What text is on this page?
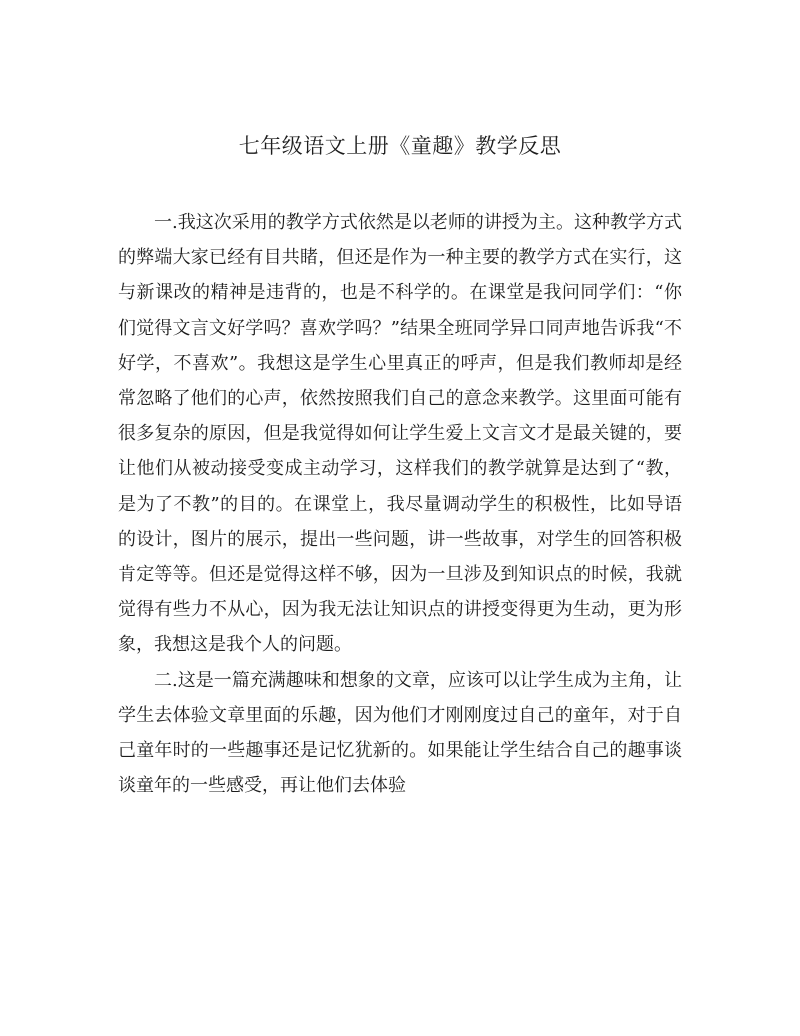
七年级语文上册《童趣》教学反思

一.我这次采用的教学方式依然是以老师的讲授为主。这种教学方式的弊端大家已经有目共睹，但还是作为一种主要的教学方式在实行，这与新课改的精神是违背的，也是不科学的。在课堂是我问同学们：“你们觉得文言文好学吗？喜欢学吗？”结果全班同学异口同声地告诉我“不好学，不喜欢”。我想这是学生心里真正的呼声，但是我们教师却是经常忽略了他们的心声，依然按照我们自己的意念来教学。这里面可能有很多复杂的原因，但是我觉得如何让学生爱上文言文才是最关键的，要让他们从被动接受变成主动学习，这样我们的教学就算是达到了“教，是为了不教”的目的。在课堂上，我尽量调动学生的积极性，比如导语的设计，图片的展示，提出一些问题，讲一些故事，对学生的回答积极肯定等等。但还是觉得这样不够，因为一旦涉及到知识点的时候，我就觉得有些力不从心，因为我无法让知识点的讲授变得更为生动，更为形象，我想这是我个人的问题。

二.这是一篇充满趣味和想象的文章，应该可以让学生成为主角，让学生去体验文章里面的乐趣，因为他们才刚刚度过自己的童年，对于自己童年时的一些趣事还是记忆犹新的。如果能让学生结合自己的趣事谈谈童年的一些感受，再让他们去体验
